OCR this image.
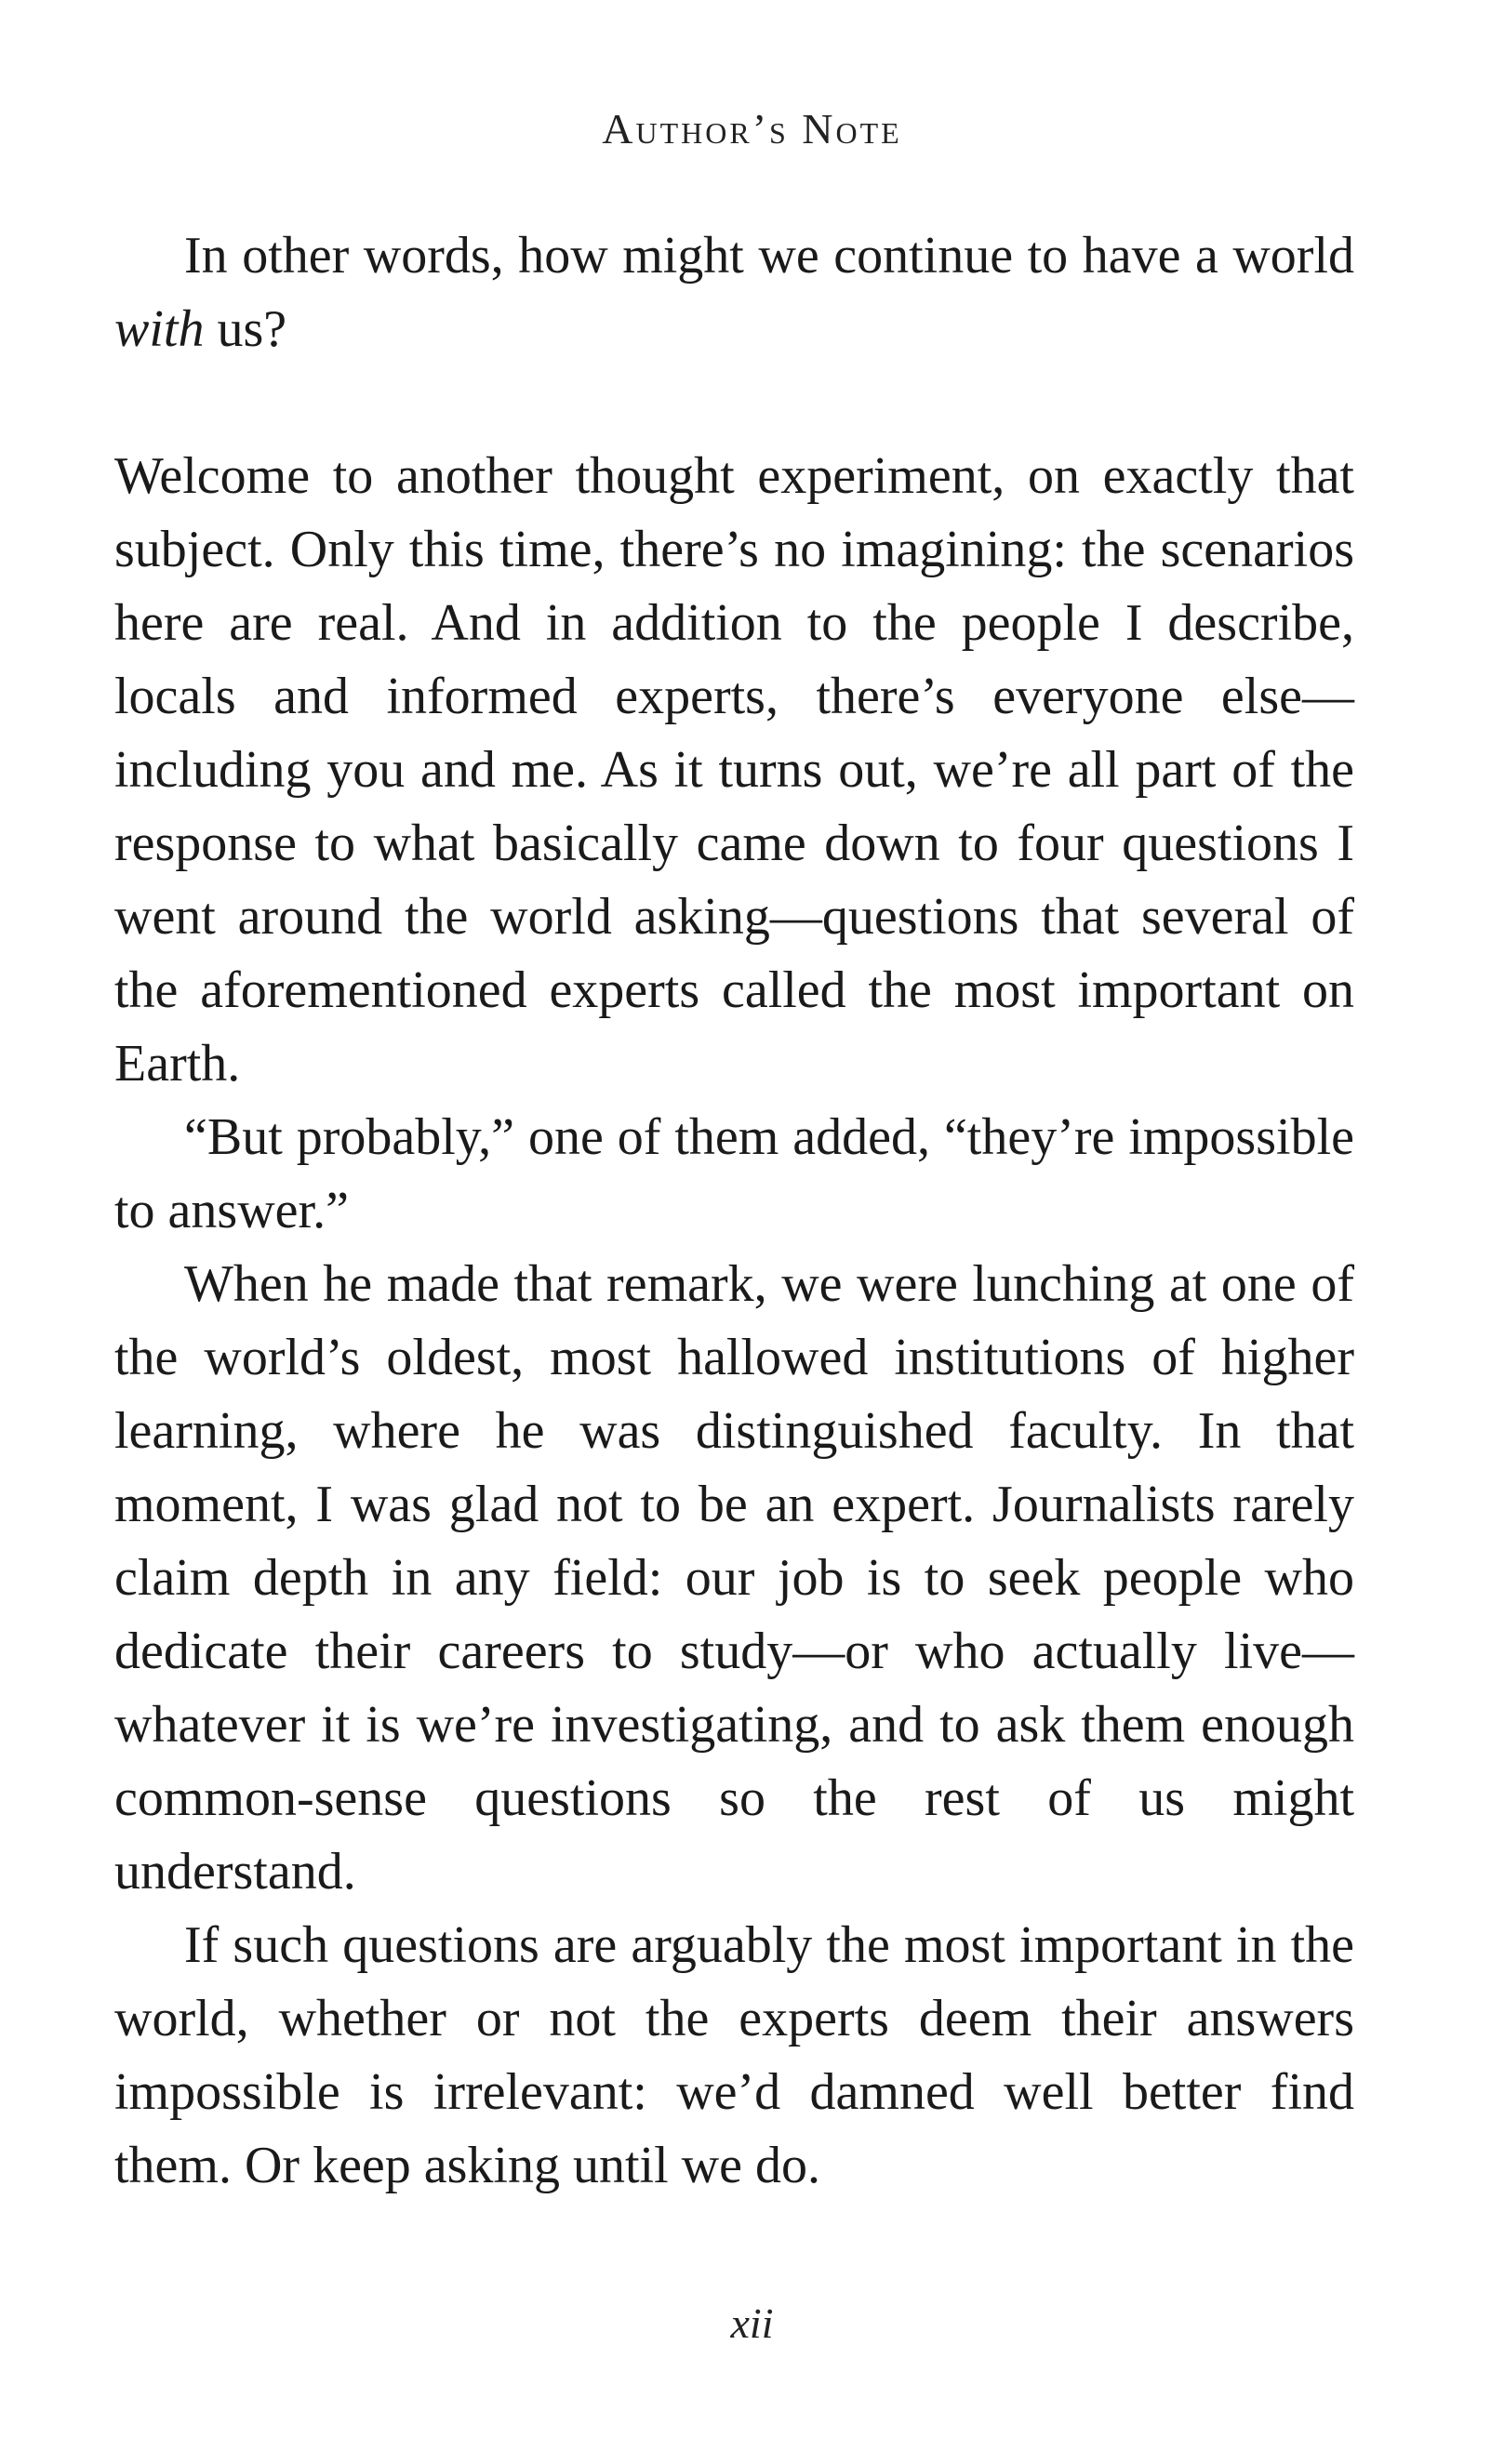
Author’s Note

In other words, how might we continue to have a world with us?

Welcome to another thought experiment, on exactly that subject. Only this time, there’s no imagining: the scenarios here are real. And in addition to the people I describe, locals and informed experts, there’s everyone else—including you and me. As it turns out, we’re all part of the response to what basically came down to four questions I went around the world asking—questions that several of the aforementioned experts called the most important on Earth.

“But probably,” one of them added, “they’re impossible to answer.”

When he made that remark, we were lunching at one of the world’s oldest, most hallowed institutions of higher learning, where he was distinguished faculty. In that moment, I was glad not to be an expert. Journalists rarely claim depth in any field: our job is to seek people who dedicate their careers to study—or who actually live—whatever it is we’re investigating, and to ask them enough common-sense questions so the rest of us might understand.

If such questions are arguably the most important in the world, whether or not the experts deem their answers impossible is irrelevant: we’d damned well better find them. Or keep asking until we do.

xii
